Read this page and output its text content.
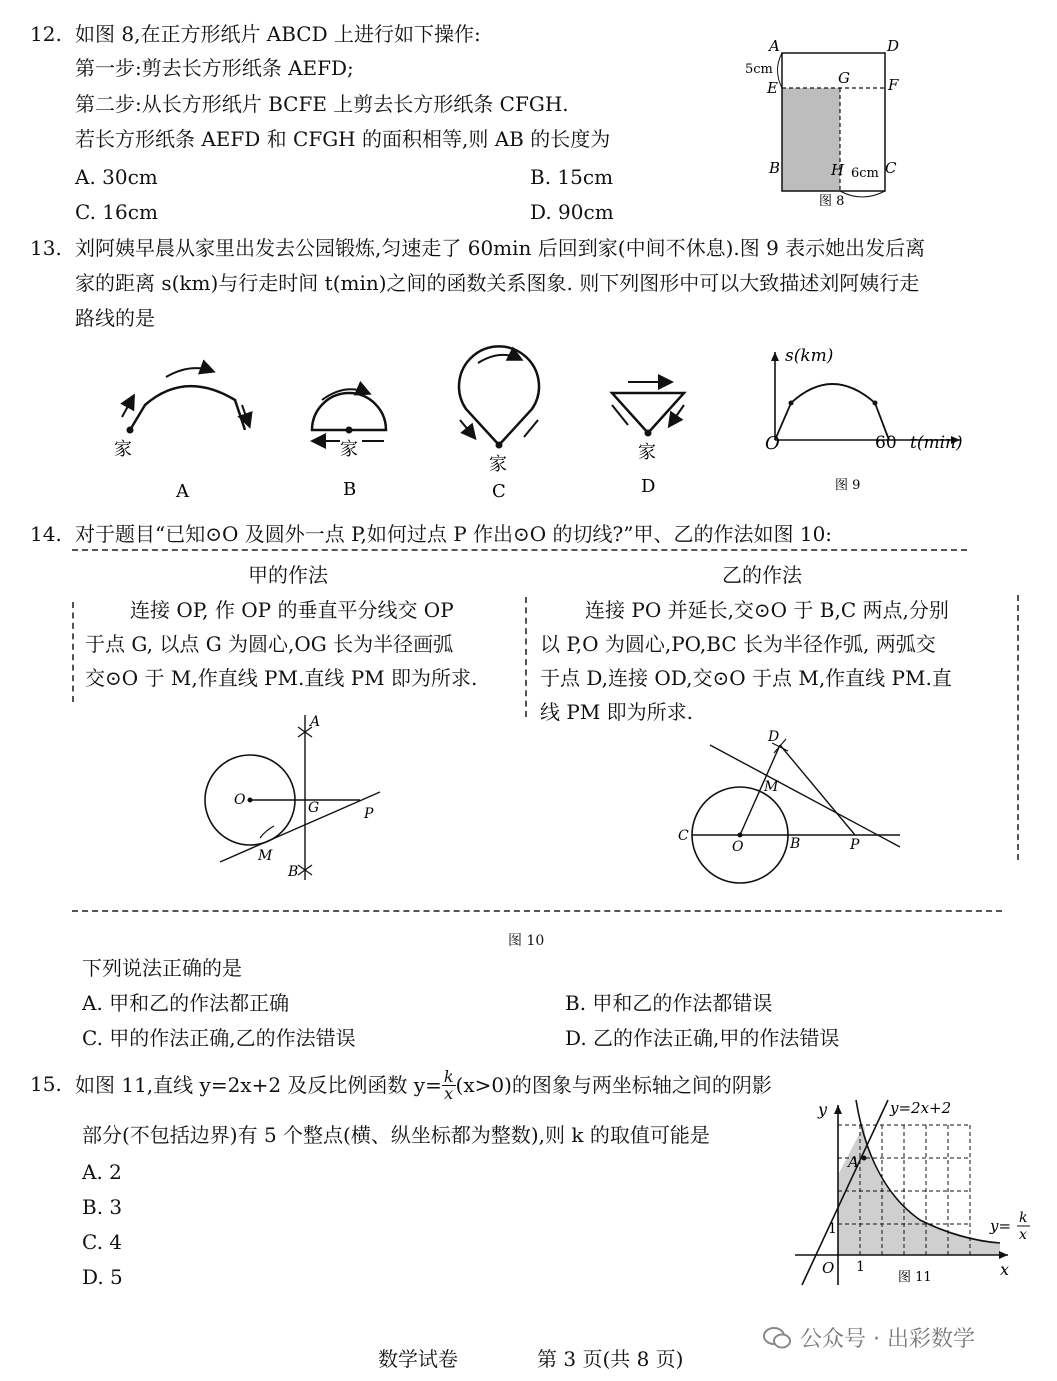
12. 如图 8,在正方形纸片 ABCD 上进行如下操作:
第一步:剪去长方形纸条 AEFD;
第二步:从长方形纸片 BCFE 上剪去长方形纸条 CFGH.
若长方形纸条 AEFD 和 CFGH 的面积相等,则 AB 的长度为
A. 30cm	B. 15cm
C. 16cm	D. 90cm
A	D
5cm
E
G	F
B	H 6cm C
图 8
13. 刘阿姨早晨从家里出发去公园锻炼,匀速走了 60min 后回到家(中间不休息).图 9 表示她出发后离
家的距离 s(km)与行走时间 t(min)之间的函数关系图象. 则下列图形中可以大致描述刘阿姨行走
路线的是
家
A
家
B
家
C
家
D
s(km)
O	60 t(min)
图 9
14. 对于题目“已知⊙O 及圆外一点 P,如何过点 P 作出⊙O 的切线?”甲、乙的作法如图 10:
甲的作法
连接 OP, 作 OP 的垂直平分线交 OP
于点 G, 以点 G 为圆心,OG 长为半径画弧
交⊙O 于 M,作直线 PM.直线 PM 即为所求.
乙的作法
连接 PO 并延长,交⊙O 于 B,C 两点,分别
以 P,O 为圆心,PO,BC 长为半径作弧, 两弧交
于点 D,连接 OD,交⊙O 于点 M,作直线 PM.直
线 PM 即为所求.
A
O	G	P
M
B
D
M
C
O	B	P
图 10
下列说法正确的是
A. 甲和乙的作法都正确	B. 甲和乙的作法都错误
C. 甲的作法正确,乙的作法错误	D. 乙的作法正确,甲的作法错误
15. 如图 11,直线 y=2x+2 及反比例函数 $y= \frac{k}{x} (x>0)$的图象与两坐标轴之间的阴影
部分(不包括边界)有 5 个整点(横、纵坐标都为整数),则 k 的取值可能是
A. 2
B. 3
C. 4
D. 5
y=2x+2
y
x
A
1
1
O
y= k
x
图 11
数学试卷	第 3 页(共 8 页)
公众号 · 出彩数学
